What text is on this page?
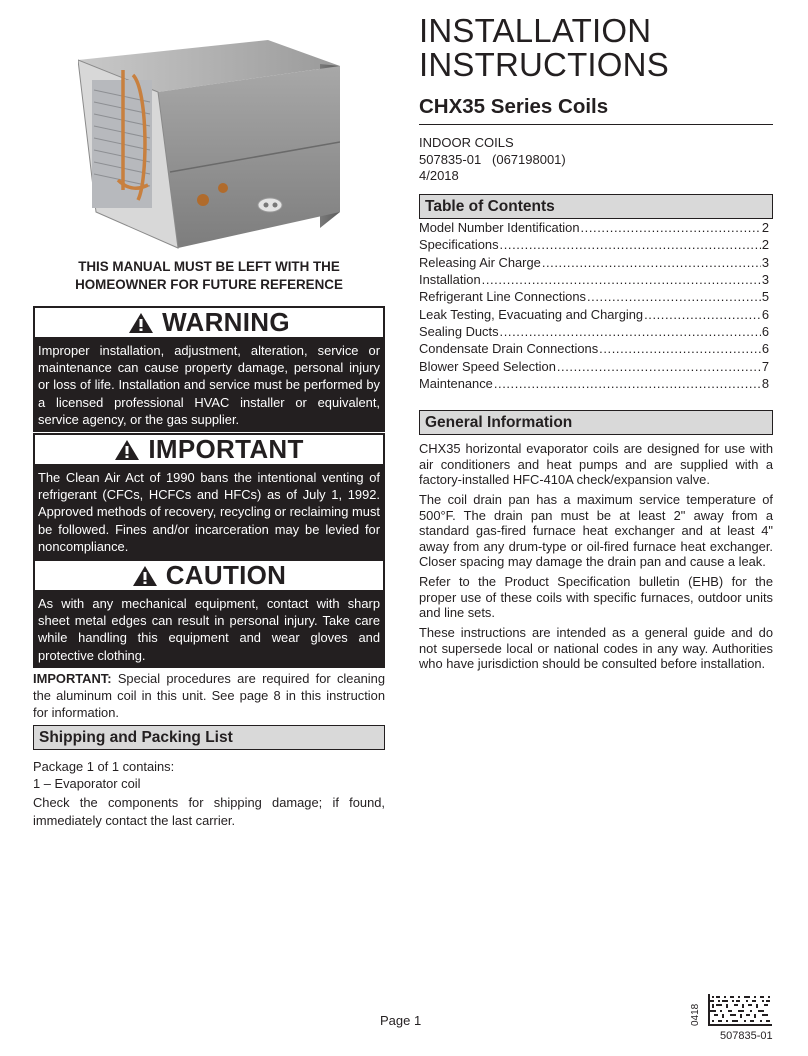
THIS MANUAL MUST BE LEFT WITH THE
HOMEOWNER FOR FUTURE REFERENCE
WARNING
Improper installation, adjustment, alteration, service or maintenance can cause property damage, personal injury or loss of life. Installation and service must be performed by a licensed professional HVAC installer or equivalent, service agency, or the gas supplier.
IMPORTANT
The Clean Air Act of 1990 bans the intentional venting of refrigerant (CFCs, HCFCs and HFCs) as of July 1, 1992. Approved methods of recovery, recycling or reclaiming must be followed. Fines and/or incarceration may be levied for noncompliance.
CAUTION
As with any mechanical equipment, contact with sharp sheet metal edges can result in personal injury. Take care while handling this equipment and wear gloves and protective clothing.
IMPORTANT: Special procedures are required for cleaning the aluminum coil in this unit. See page 8 in this instruction for information.
Shipping and Packing List

Package 1 of 1 contains:

1 – Evaporator coil

Check the components for shipping damage; if found, immediately contact the last carrier.

INSTALLATION
INSTRUCTIONS
CHX35 Series Coils
INDOOR COILS
507835-01   (067198001)
4/2018
Table of Contents
Model Number Identification .....	2
Specifications .....	2
Releasing Air Charge .....	3
Installation .....	3
Refrigerant Line Connections .....	5
Leak Testing, Evacuating and Charging .....	6
Sealing Ducts .....	6
Condensate Drain Connections .....	6
Blower Speed Selection .....	7
Maintenance .....	8
General Information

CHX35 horizontal evaporator coils are designed for use with air conditioners and heat pumps and are supplied with a factory-installed HFC-410A check/expansion valve.

The coil drain pan has a maximum service temperature of 500°F. The drain pan must be at least 2" away from a standard gas-fired furnace heat exchanger and at least 4" away from any drum-type or oil-fired furnace heat exchanger. Closer spacing may damage the drain pan and cause a leak.

Refer to the Product Specification bulletin (EHB) for the proper use of these coils with specific furnaces, outdoor units and line sets.

These instructions are intended as a general guide and do not supersede local or national codes in any way. Authorities who have jurisdiction should be consulted before installation.

Page 1	0418
507835-01
